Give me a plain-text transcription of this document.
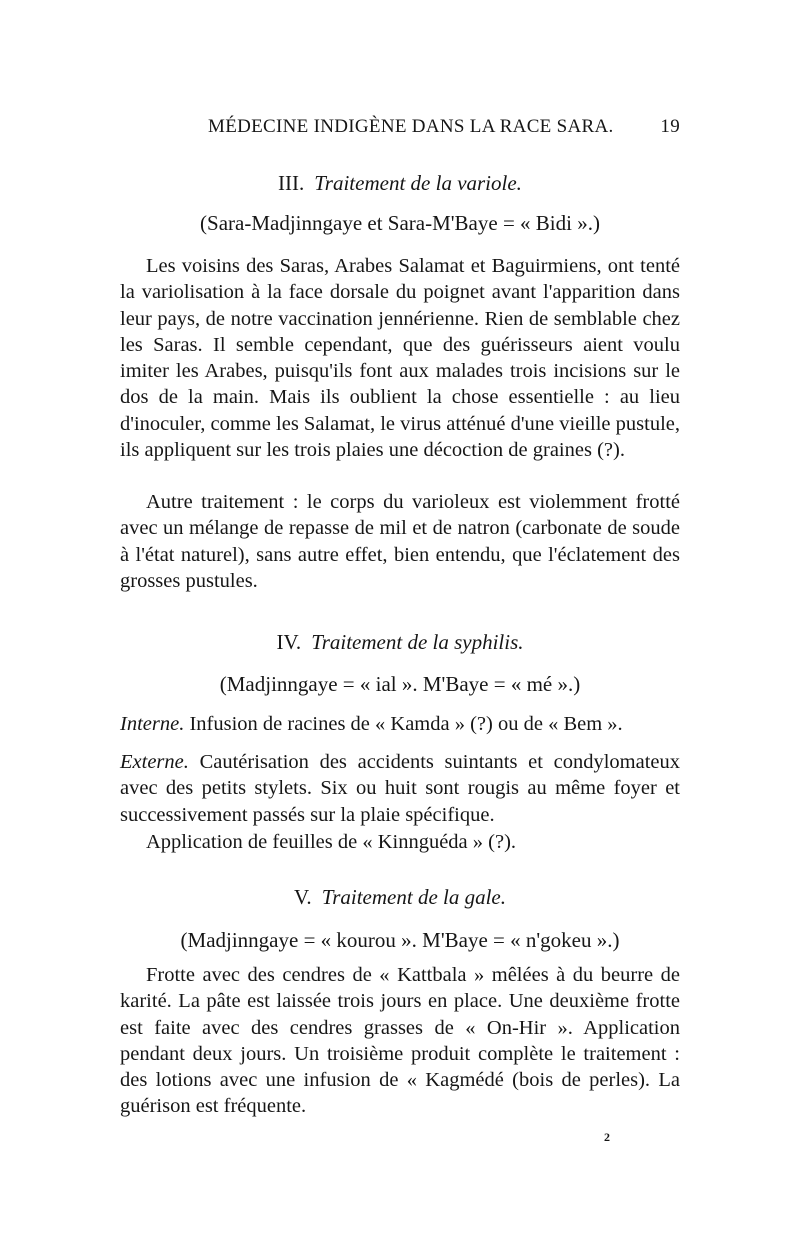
MÉDECINE INDIGÈNE DANS LA RACE SARA. 19
III. Traitement de la variole.
(Sara-Madjinngaye et Sara-M'Baye = « Bidi ».)

Les voisins des Saras, Arabes Salamat et Baguirmiens, ont tenté la variolisation à la face dorsale du poignet avant l'apparition dans leur pays, de notre vaccination jennérienne. Rien de semblable chez les Saras. Il semble cependant, que des guérisseurs aient voulu imiter les Arabes, puisqu'ils font aux malades trois incisions sur le dos de la main. Mais ils oublient la chose essentielle : au lieu d'inoculer, comme les Salamat, le virus atténué d'une vieille pustule, ils appliquent sur les trois plaies une décoction de graines (?).

Autre traitement : le corps du varioleux est violemment frotté avec un mélange de repasse de mil et de natron (carbonate de soude à l'état naturel), sans autre effet, bien entendu, que l'éclatement des grosses pustules.

IV. Traitement de la syphilis.
(Madjinngaye = « ial ». M'Baye = « mé ».)

Interne. Infusion de racines de « Kamda » (?) ou de « Bem ».

Externe. Cautérisation des accidents suintants et condylomateux avec des petits stylets. Six ou huit sont rougis au même foyer et successivement passés sur la plaie spécifique.

Application de feuilles de « Kinnguéda » (?).

V. Traitement de la gale.
(Madjinngaye = « kourou ». M'Baye = « n'gokeu ».)

Frotte avec des cendres de « Kattbala » mêlées à du beurre de karité. La pâte est laissée trois jours en place. Une deuxième frotte est faite avec des cendres grasses de « On-Hir ». Application pendant deux jours. Un troisième produit complète le traitement : des lotions avec une infusion de « Kagmédé (bois de perles). La guérison est fréquente.

2
